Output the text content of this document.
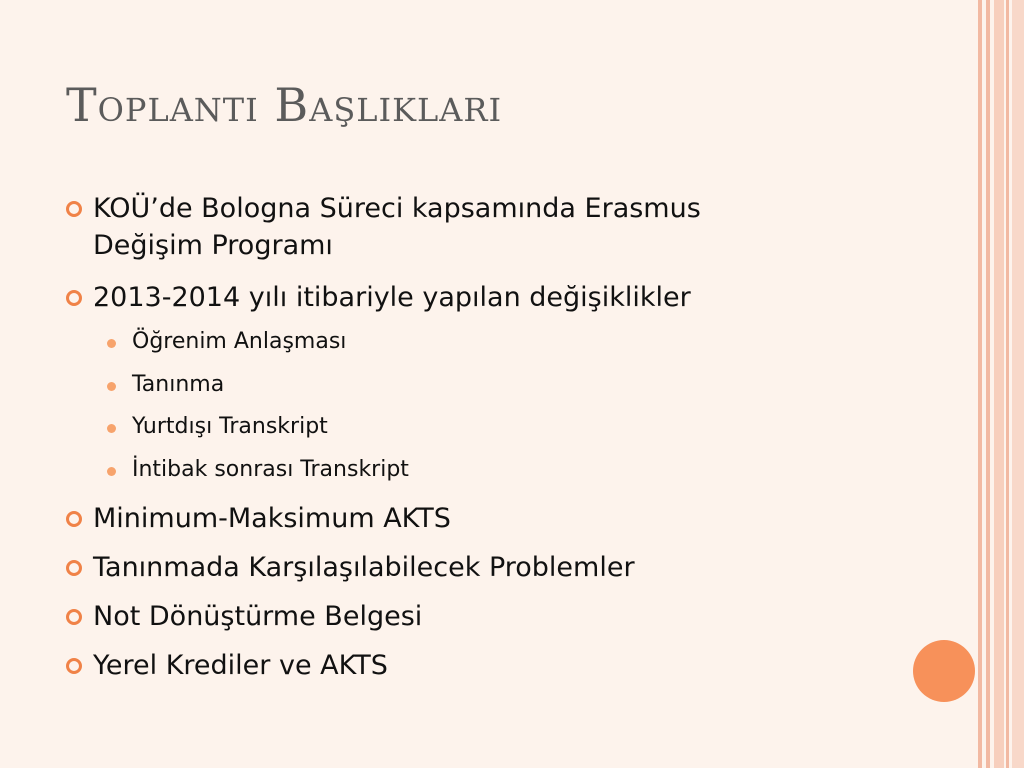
Toplantı Başlıkları
KOÜ’de Bologna Süreci kapsamında Erasmus Değişim Programı
2013-2014 yılı itibariyle yapılan değişiklikler
Öğrenim Anlaşması
Tanınma
Yurtdışı Transkript
İntibak sonrası Transkript
Minimum-Maksimum AKTS
Tanınmada Karşılaşılabilecek Problemler
Not Dönüştürme Belgesi
Yerel Krediler ve AKTS
